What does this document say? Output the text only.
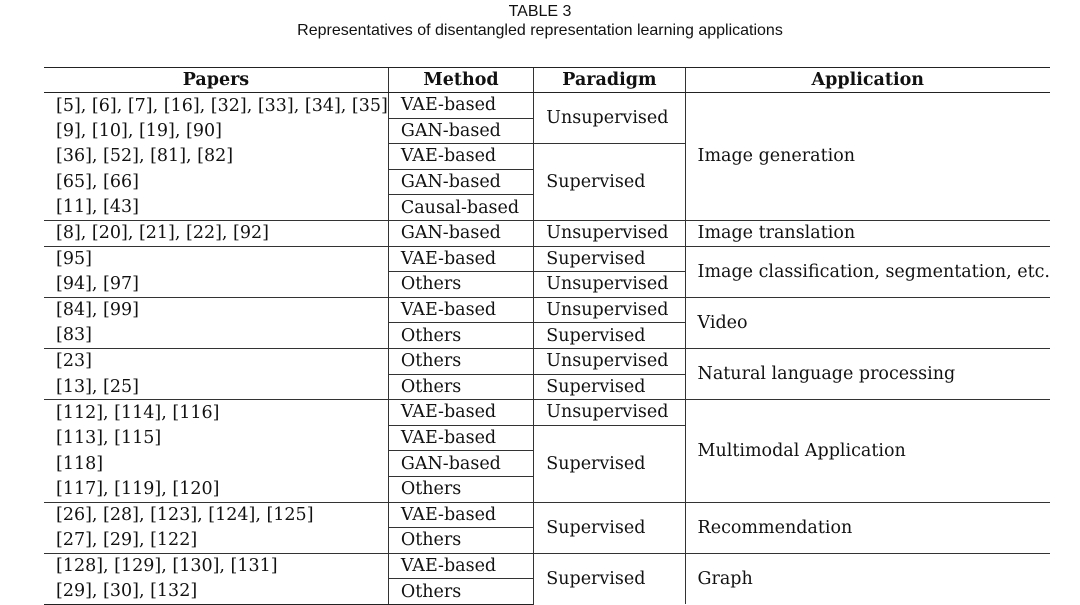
TABLE 3
Representatives of disentangled representation learning applications
Papers	Method	Paradigm	Application
[5], [6], [7], [16], [32], [33], [34], [35]	VAE-based	Unsupervised	Image generation
[9], [10], [19], [90]	GAN-based		
[36], [52], [81], [82]	VAE-based	Supervised	
[65], [66]	GAN-based		
[11], [43]	Causal-based		
[8], [20], [21], [22], [92]	GAN-based	Unsupervised	Image translation
[95]	VAE-based	Supervised	Image classification, segmentation, etc.
[94], [97]	Others	Unsupervised	
[84], [99]	VAE-based	Unsupervised	Video
[83]	Others	Supervised	
[23]	Others	Unsupervised	Natural language processing
[13], [25]	Others	Supervised	
[112], [114], [116]	VAE-based	Unsupervised	Multimodal Application
[113], [115]	VAE-based	Supervised	
[118]	GAN-based		
[117], [119], [120]	Others		
[26], [28], [123], [124], [125]	VAE-based	Supervised	Recommendation
[27], [29], [122]	Others		
[128], [129], [130], [131]	VAE-based	Supervised	Graph
[29], [30], [132]	Others		
